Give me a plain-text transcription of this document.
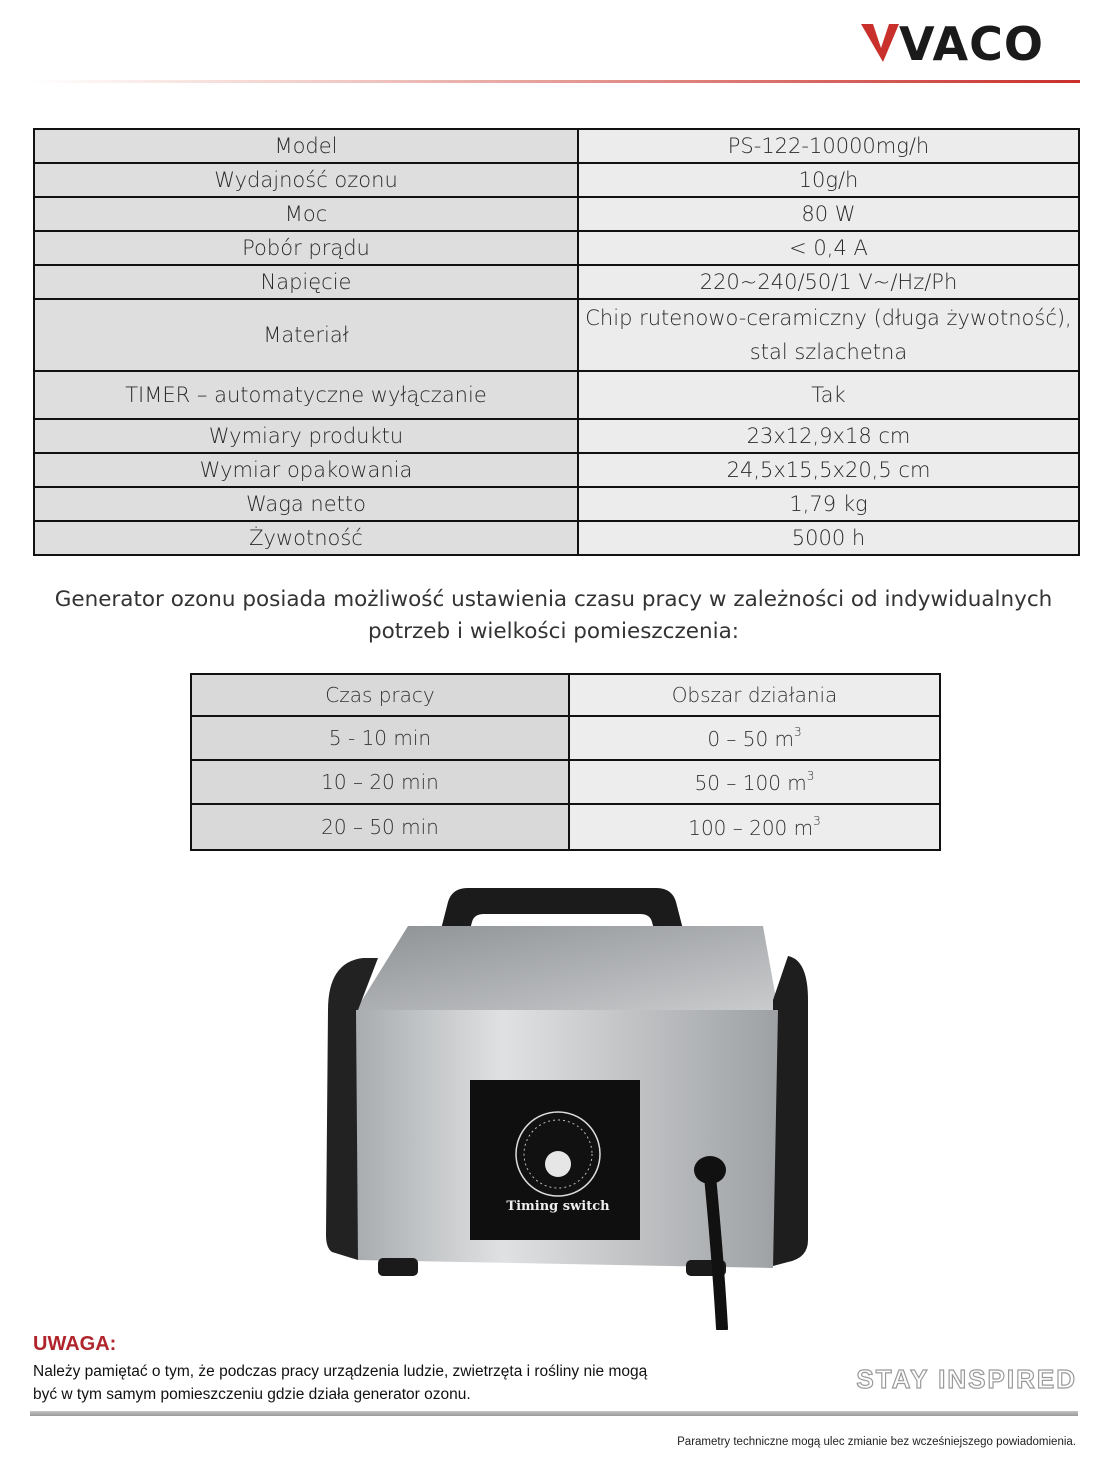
VACO
Model	PS-122-10000mg/h
Wydajność ozonu	10g/h
Moc	80 W
Pobór prądu	< 0,4 A
Napięcie	220~240/50/1 V~/Hz/Ph
Materiał	Chip rutenowo-ceramiczny (długa żywotność), stal szlachetna
TIMER – automatyczne wyłączanie	Tak
Wymiary produktu	23x12,9x18 cm
Wymiar opakowania	24,5x15,5x20,5 cm
Waga netto	1,79 kg
Żywotność	5000 h
Generator ozonu posiada możliwość ustawienia czasu pracy w zależności od indywidualnych potrzeb i wielkości pomieszczenia:
Czas pracy	Obszar działania
5 - 10 min	0 – 50 $m^3$
10 – 20 min	50 – 100 $m^3$
20 – 50 min	100 – 200 $m^3$
Timing switch
UWAGA:
Należy pamiętać o tym, że podczas pracy urządzenia ludzie, zwietrzęta i rośliny nie mogą być w tym samym pomieszczeniu gdzie działa generator ozonu.
STAY INSPIRED
Parametry techniczne mogą ulec zmianie bez wcześniejszego powiadomienia.
